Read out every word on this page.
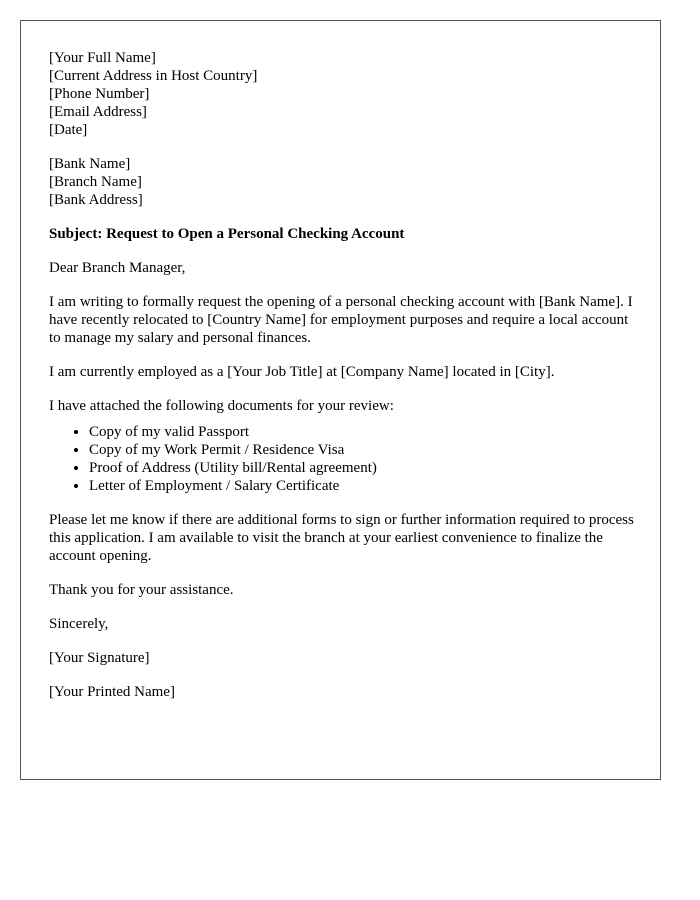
[Your Full Name]
[Current Address in Host Country]
[Phone Number]
[Email Address]
[Date]
[Bank Name]
[Branch Name]
[Bank Address]
Subject: Request to Open a Personal Checking Account

Dear Branch Manager,

I am writing to formally request the opening of a personal checking account with [Bank Name]. I have recently relocated to [Country Name] for employment purposes and require a local account to manage my salary and personal finances.

I am currently employed as a [Your Job Title] at [Company Name] located in [City].

I have attached the following documents for your review:

• Copy of my valid Passport
• Copy of my Work Permit / Residence Visa
• Proof of Address (Utility bill/Rental agreement)
• Letter of Employment / Salary Certificate

Please let me know if there are additional forms to sign or further information required to process this application. I am available to visit the branch at your earliest convenience to finalize the account opening.

Thank you for your assistance.

Sincerely,

[Your Signature]

[Your Printed Name]
